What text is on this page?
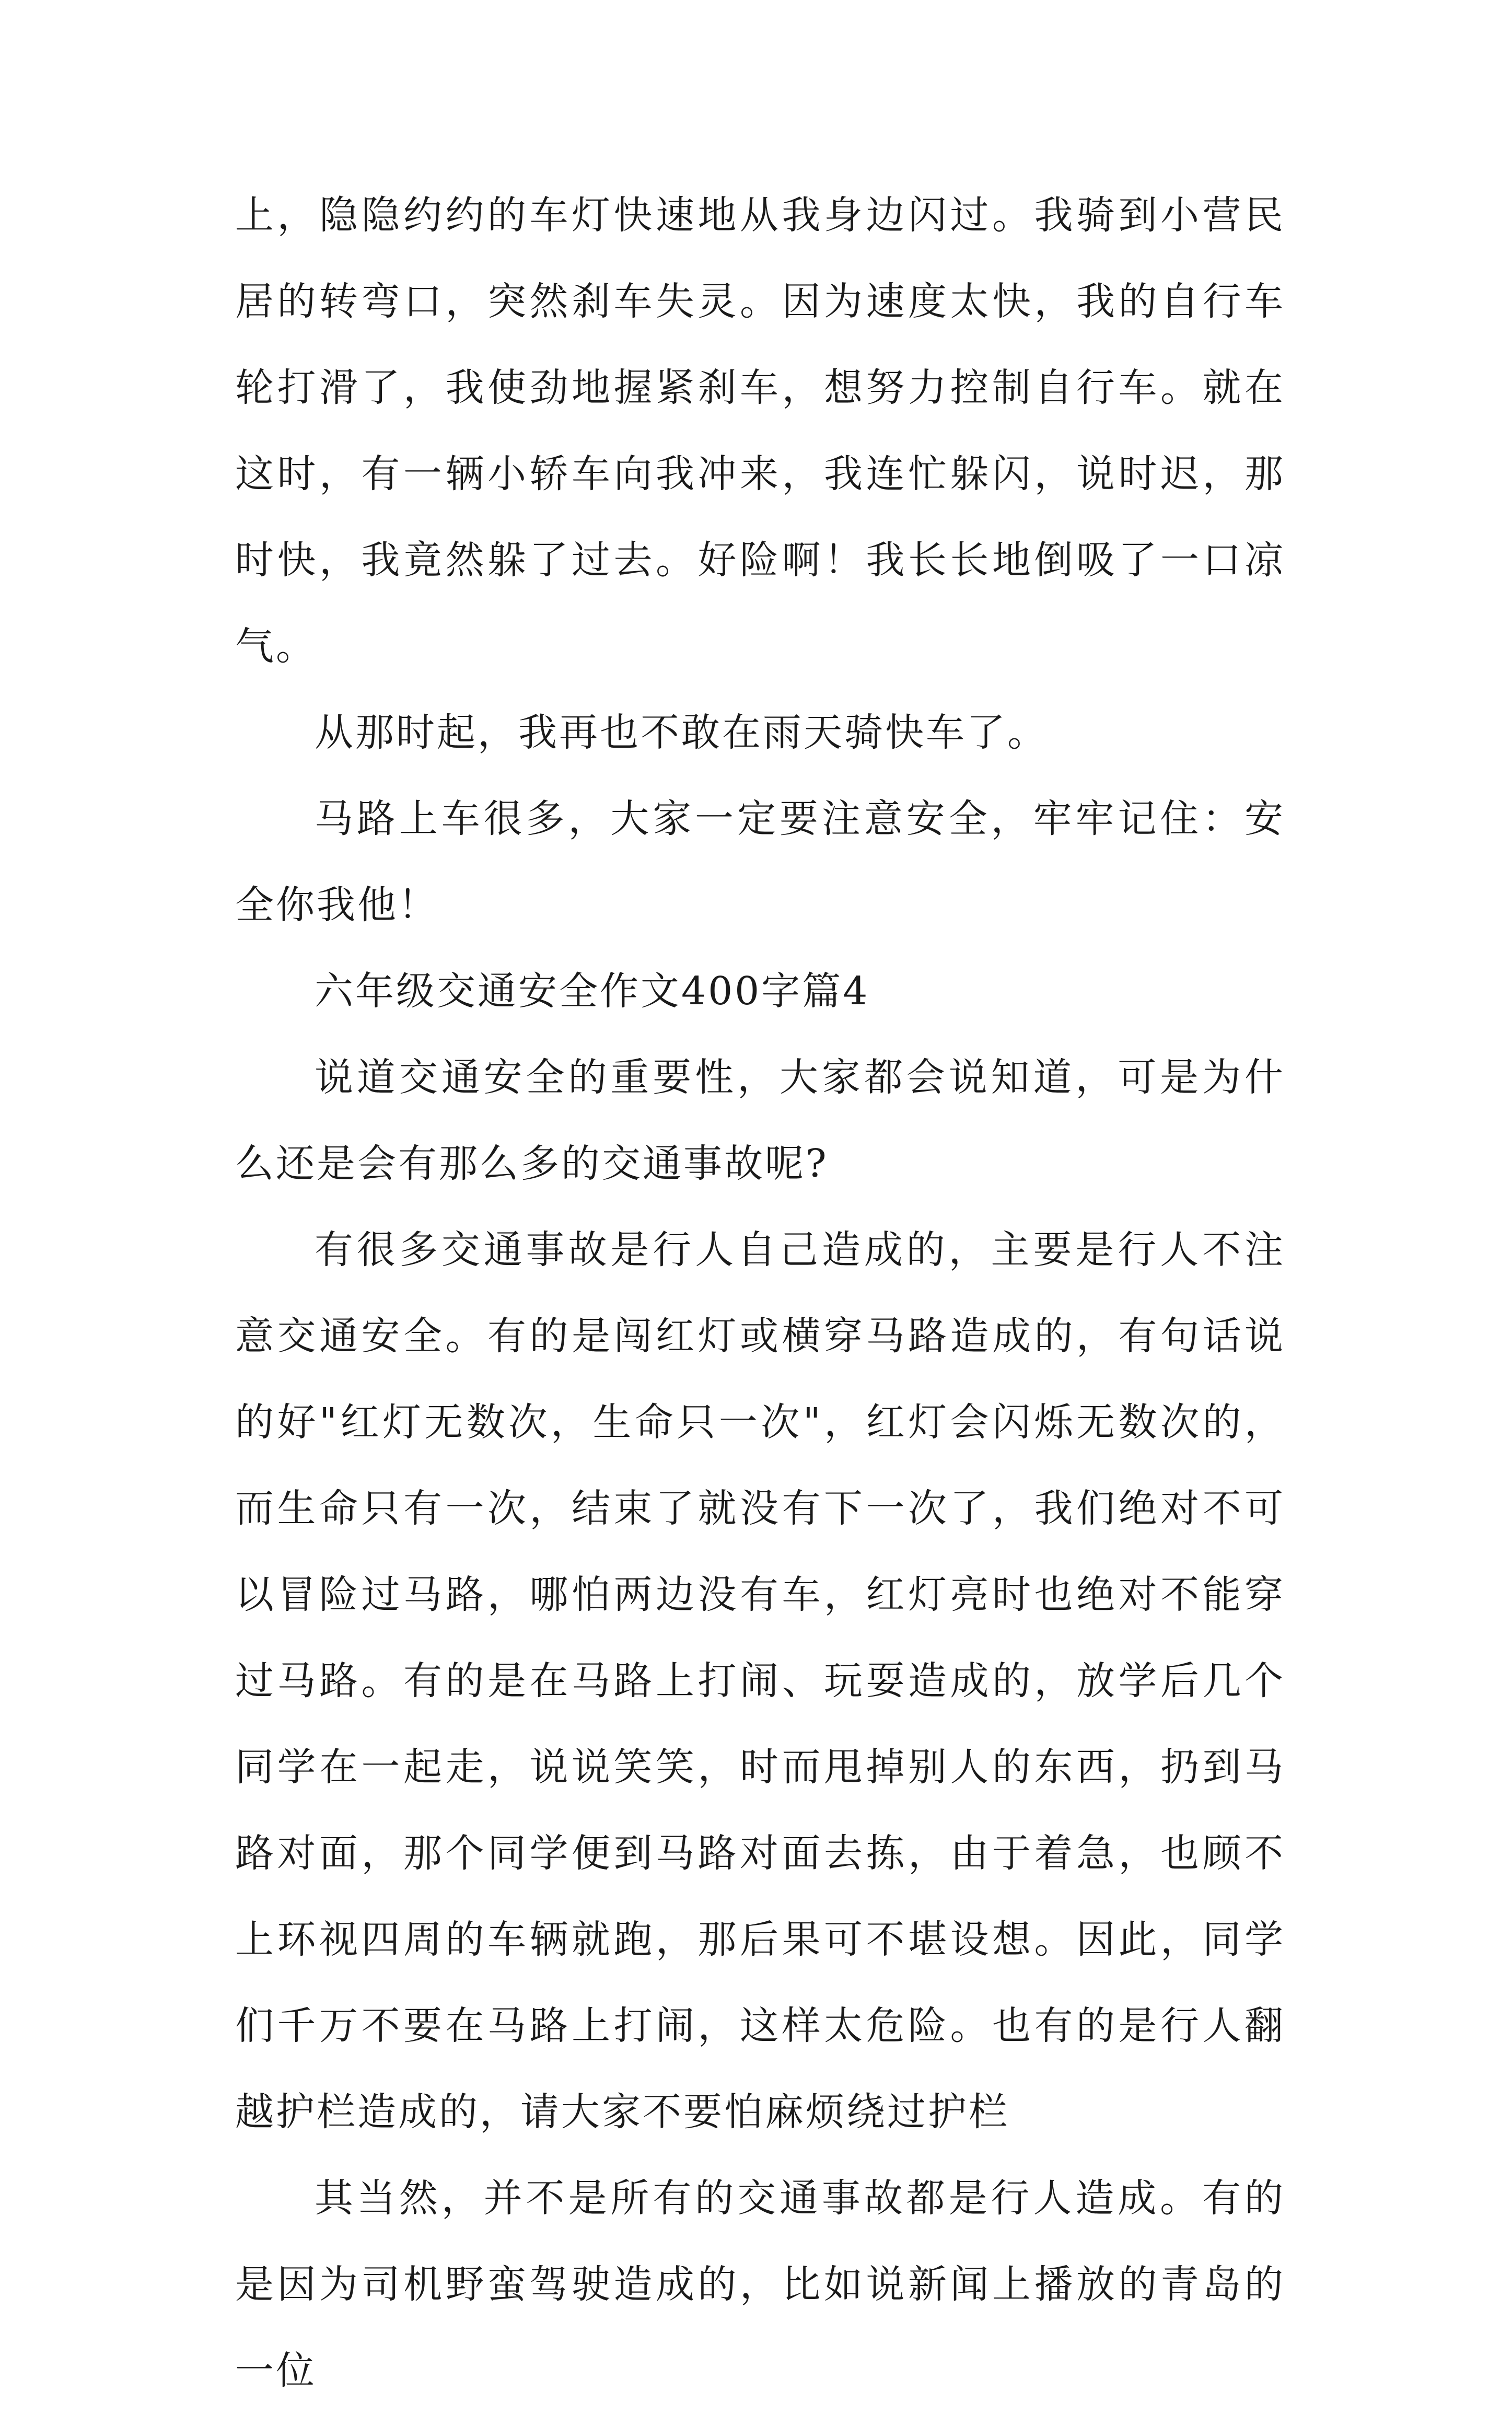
上，隐隐约约的车灯快速地从我身边闪过。我骑到小营民居的转弯口，突然刹车失灵。因为速度太快，我的自行车轮打滑了，我使劲地握紧刹车，想努力控制自行车。就在这时，有一辆小轿车向我冲来，我连忙躲闪，说时迟，那时快，我竟然躲了过去。好险啊！我长长地倒吸了一口凉气。

从那时起，我再也不敢在雨天骑快车了。

马路上车很多，大家一定要注意安全，牢牢记住：安全你我他！

六年级交通安全作文400字篇4

说道交通安全的重要性，大家都会说知道，可是为什么还是会有那么多的交通事故呢?

有很多交通事故是行人自己造成的，主要是行人不注意交通安全。有的是闯红灯或横穿马路造成的，有句话说的好"红灯无数次，生命只一次"，红灯会闪烁无数次的，而生命只有一次，结束了就没有下一次了，我们绝对不可以冒险过马路，哪怕两边没有车，红灯亮时也绝对不能穿过马路。有的是在马路上打闹、玩耍造成的，放学后几个同学在一起走，说说笑笑，时而甩掉别人的东西，扔到马路对面，那个同学便到马路对面去拣，由于着急，也顾不上环视四周的车辆就跑，那后果可不堪设想。因此，同学们千万不要在马路上打闹，这样太危险。也有的是行人翻越护栏造成的，请大家不要怕麻烦绕过护栏

其当然，并不是所有的交通事故都是行人造成。有的是因为司机野蛮驾驶造成的，比如说新闻上播放的青岛的一位
